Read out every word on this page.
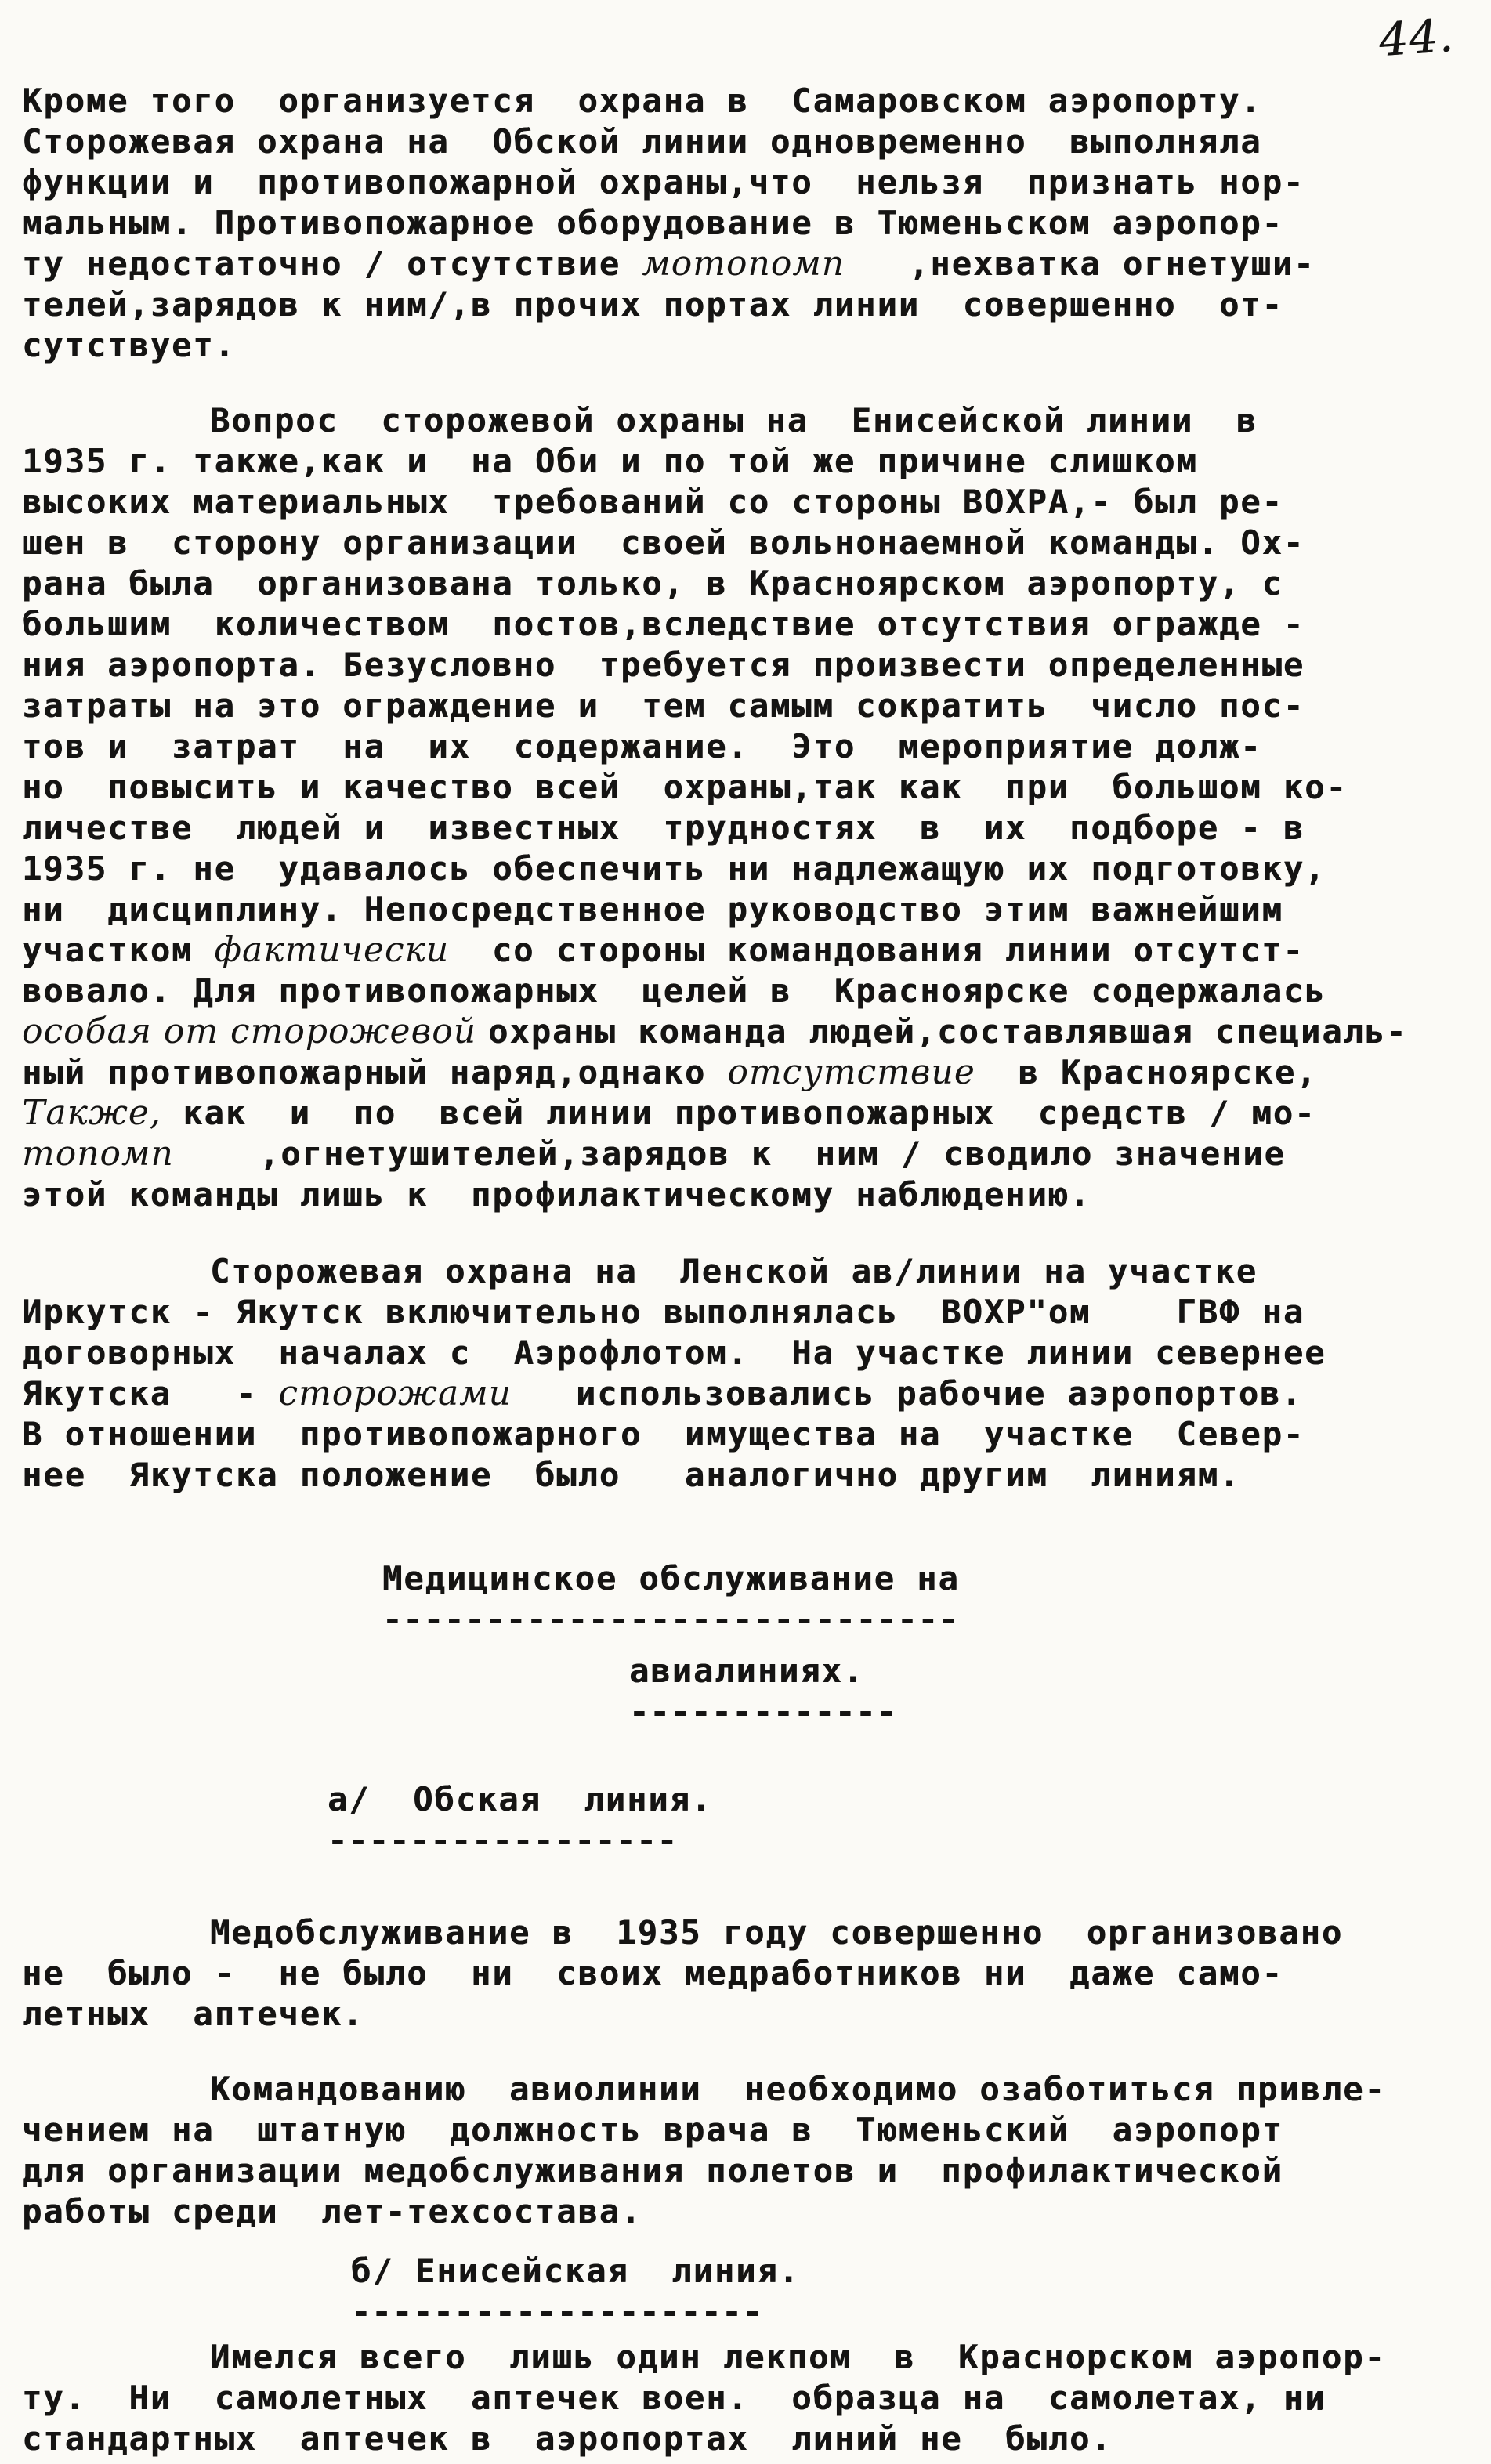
44.
Кроме того  организуется  охрана в  Самаровском аэропорту.
Сторожевая охрана на  Обской линии одновременно  выполняла
функции и  противопожарной охраны,что  нельзя  признать нор-
мальным. Противопожарное оборудование в Тюменьском аэропор-
ту недостаточно / отсутствие мотопомп   ,нехватка огнетуши-
телей,зарядов к ним/,в прочих портах линии  совершенно  от-
сутствует.
Вопрос  сторожевой охраны на  Енисейской линии  в
1935 г. также,как и  на Оби и по той же причине слишком
высоких материальных  требований со стороны ВОХРА,- был ре-
шен в  сторону организации  своей вольнонаемной команды. Ох-
рана была  организована только, в Красноярском аэропорту, с
большим  количеством  постов,вследствие отсутствия огражде -
ния аэропорта. Безусловно  требуется произвести определенные
затраты на это ограждение и  тем самым сократить  число пос-
тов и  затрат  на  их  содержание.  Это  мероприятие долж-
но  повысить и качество всей  охраны,так как  при  большом ко-
личестве  людей и  известных  трудностях  в  их  подборе - в
1935 г. не  удавалось обеспечить ни надлежащую их подготовку,
ни  дисциплину. Непосредственное руководство этим важнейшим
участком фактически  со стороны командования линии отсутст-
вовало. Для противопожарных  целей в  Красноярске содержалась
особая от сторожевой охраны команда людей,составлявшая специаль-
ный противопожарный наряд,однако отсутствие  в Красноярске,
Также, как  и  по  всей линии противопожарных  средств / мо-
топомп    ,огнетушителей,зарядов к  ним / сводило значение
этой команды лишь к  профилактическому наблюдению.
Сторожевая охрана на  Ленской ав/линии на участке
Иркутск - Якутск включительно выполнялась  ВОХР"ом    ГВФ на
договорных  началах с  Аэрофлотом.  На участке линии севернее
Якутска   - сторожами   использовались рабочие аэропортов.
В отношении  противопожарного  имущества на  участке  Север-
нее  Якутска положение  было   аналогично другим  линиям.
Медицинское обслуживание на
----------------------------
авиалиниях.
-------------
а/  Обская  линия.
-----------------
Медобслуживание в  1935 году совершенно  организовано
не  было -  не было  ни  своих медработников ни  даже само-
летных  аптечек.
Командованию  авиолинии  необходимо озаботиться привле-
чением на  штатную  должность врача в  Тюменьский  аэропорт
для организации медобслуживания полетов и  профилактической
работы среди  лет-техсостава.
б/ Енисейская  линия.
--------------------
Имелся всего  лишь один лекпом  в  Краснорском аэропор-
ту.  Ни  самолетных  аптечек воен.  образца на  самолетах, ни
стандартных  аптечек в  аэропортах  линий не  было.
